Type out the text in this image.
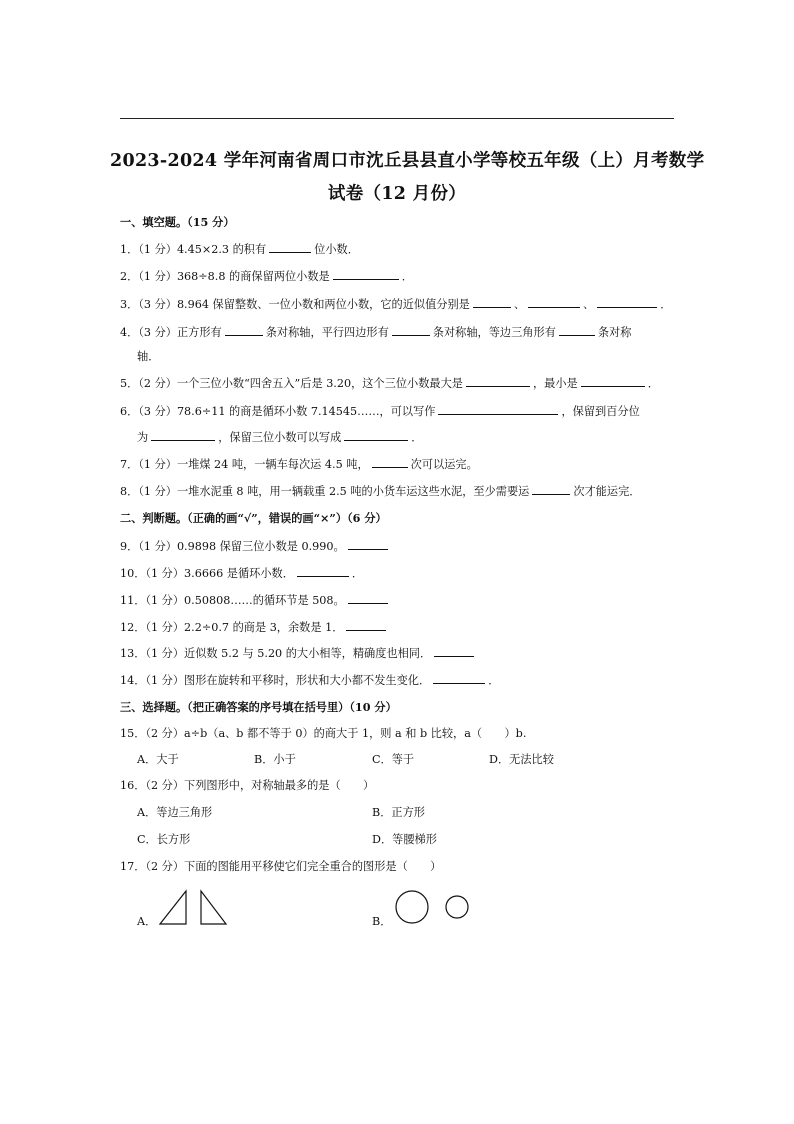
2023-2024 学年河南省周口市沈丘县县直小学等校五年级（上）月考数学
试卷（12 月份）
一、填空题。（15 分）
1．（1 分）4.45×2.3 的积有	位小数．
2．（1 分）368÷8.8 的商保留两位小数是	．
3．（3 分）8.964 保留整数、一位小数和两位小数，它的近似值分别是	、	、	．
4．（3 分）正方形有	条对称轴，平行四边形有	条对称轴，等边三角形有	条对称
轴．
5．（2 分）一个三位小数“四舍五入”后是 3.20，这个三位小数最大是	，最小是	．
6．（3 分）78.6÷11 的商是循环小数 7.14545……，可以写作	，保留到百分位
为	，保留三位小数可以写成	．
7．（1 分）一堆煤 24 吨，一辆车每次运 4.5 吨，	次可以运完。
8．（1 分）一堆水泥重 8 吨，用一辆载重 2.5 吨的小货车运这些水泥，至少需要运	次才能运完．
二、判断题。（正确的画“√”，错误的画“×”）（6 分）
9．（1 分）0.9898 保留三位小数是 0.990。
10．（1 分）3.6666 是循环小数．	．
11．（1 分）0.50808……的循环节是 508。
12．（1 分）2.2÷0.7 的商是 3，余数是 1．
13．（1 分）近似数 5.2 与 5.20 的大小相等，精确度也相同．
14．（1 分）图形在旋转和平移时，形状和大小都不发生变化．	．
三、选择题。（把正确答案的序号填在括号里）（10 分）
15．（2 分）a÷b（a、b 都不等于 0）的商大于 1，则 a 和 b 比较，a（　　）b.
A．大于	B．小于	C．等于	D．无法比较
16．（2 分）下列图形中，对称轴最多的是（　　）
A．等边三角形	B．正方形
C．长方形	D．等腰梯形
17．（2 分）下面的图能用平移使它们完全重合的图形是（　　）
A．	B．
